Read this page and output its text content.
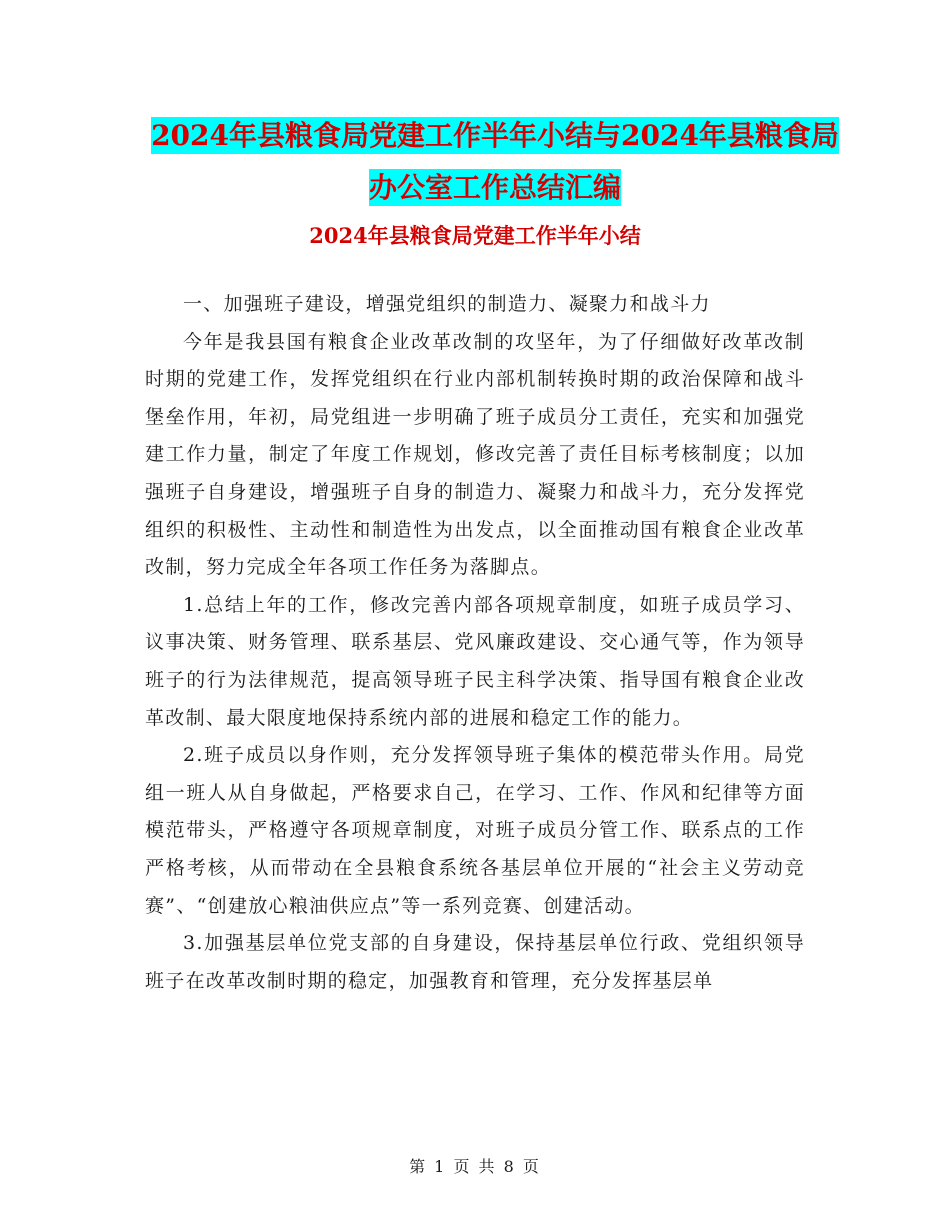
2024年县粮食局党建工作半年小结与2024年县粮食局
办公室工作总结汇编
2024年县粮食局党建工作半年小结

一、加强班子建设，增强党组织的制造力、凝聚力和战斗力

今年是我县国有粮食企业改革改制的攻坚年，为了仔细做好改革改制时期的党建工作，发挥党组织在行业内部机制转换时期的政治保障和战斗堡垒作用，年初，局党组进一步明确了班子成员分工责任，充实和加强党建工作力量，制定了年度工作规划，修改完善了责任目标考核制度；以加强班子自身建设，增强班子自身的制造力、凝聚力和战斗力，充分发挥党组织的积极性、主动性和制造性为出发点，以全面推动国有粮食企业改革改制，努力完成全年各项工作任务为落脚点。

1.总结上年的工作，修改完善内部各项规章制度，如班子成员学习、议事决策、财务管理、联系基层、党风廉政建设、交心通气等，作为领导班子的行为法律规范，提高领导班子民主科学决策、指导国有粮食企业改革改制、最大限度地保持系统内部的进展和稳定工作的能力。

2.班子成员以身作则，充分发挥领导班子集体的模范带头作用。局党组一班人从自身做起，严格要求自己，在学习、工作、作风和纪律等方面模范带头，严格遵守各项规章制度，对班子成员分管工作、联系点的工作严格考核，从而带动在全县粮食系统各基层单位开展的“社会主义劳动竞赛”、“创建放心粮油供应点”等一系列竞赛、创建活动。

3.加强基层单位党支部的自身建设，保持基层单位行政、党组织领导班子在改革改制时期的稳定，加强教育和管理，充分发挥基层单

第 1 页 共 8 页
